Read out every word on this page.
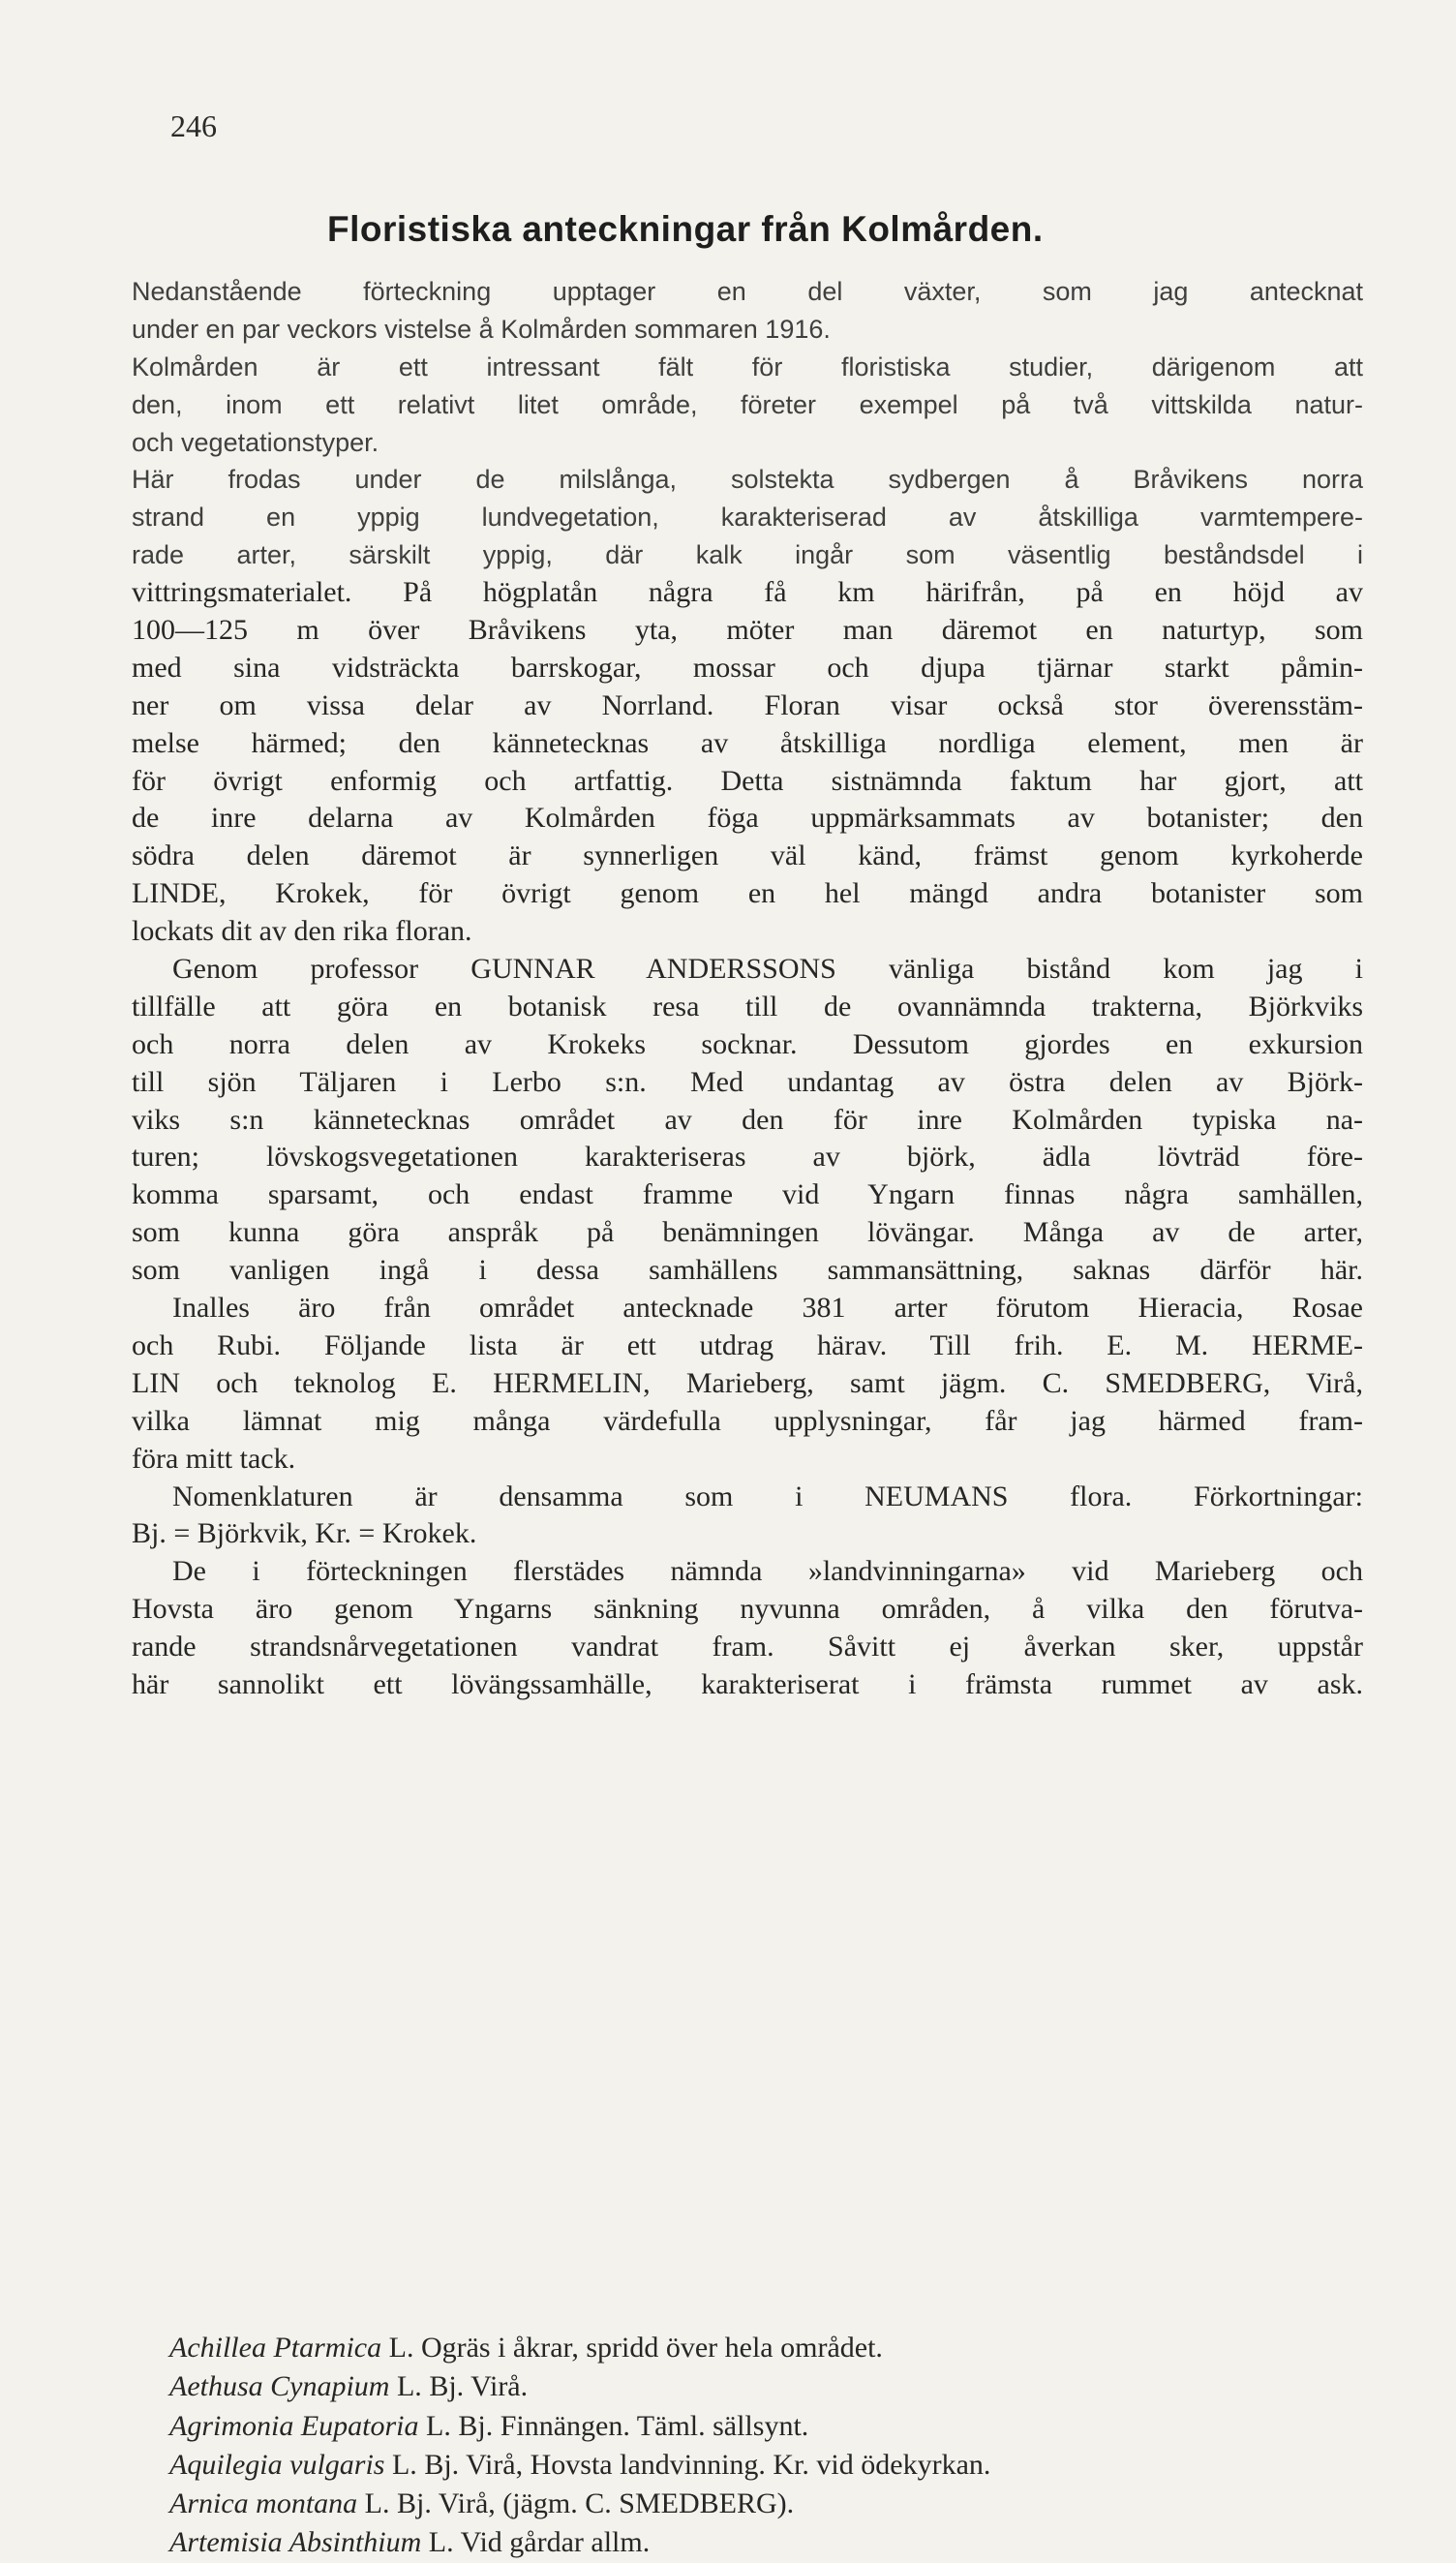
246
Floristiska anteckningar från Kolmården.
Nedanstående förteckning upptager en del växter, som jag antecknat
under en par veckors vistelse å Kolmården sommaren 1916.
Kolmården är ett intressant fält för floristiska studier, därigenom att
den, inom ett relativt litet område, företer exempel på två vittskilda natur-
och vegetationstyper.
Här frodas under de milslånga, solstekta sydbergen å Bråvikens norra
strand en yppig lundvegetation, karakteriserad av åtskilliga varmtempere-
rade arter, särskilt yppig, där kalk ingår som väsentlig beståndsdel i
vittringsmaterialet. På högplatån några få km härifrån, på en höjd av
100—125 m över Bråvikens yta, möter man däremot en naturtyp, som
med sina vidsträckta barrskogar, mossar och djupa tjärnar starkt påmin-
ner om vissa delar av Norrland. Floran visar också stor överensstäm-
melse härmed; den kännetecknas av åtskilliga nordliga element, men är
för övrigt enformig och artfattig. Detta sistnämnda faktum har gjort, att
de inre delarna av Kolmården föga uppmärksammats av botanister; den
södra delen däremot är synnerligen väl känd, främst genom kyrkoherde
LINDE, Krokek, för övrigt genom en hel mängd andra botanister som
lockats dit av den rika floran.
Genom professor GUNNAR ANDERSSONS vänliga bistånd kom jag i
tillfälle att göra en botanisk resa till de ovannämnda trakterna, Björkviks
och norra delen av Krokeks socknar. Dessutom gjordes en exkursion
till sjön Täljaren i Lerbo s:n. Med undantag av östra delen av Björk-
viks s:n kännetecknas området av den för inre Kolmården typiska na-
turen; lövskogsvegetationen karakteriseras av björk, ädla lövträd före-
komma sparsamt, och endast framme vid Yngarn finnas några samhällen,
som kunna göra anspråk på benämningen lövängar. Många av de arter,
som vanligen ingå i dessa samhällens sammansättning, saknas därför här.
Inalles äro från området antecknade 381 arter förutom Hieracia, Rosae
och Rubi. Följande lista är ett utdrag härav. Till frih. E. M. HERME-
LIN och teknolog E. HERMELIN, Marieberg, samt jägm. C. SMEDBERG, Virå,
vilka lämnat mig många värdefulla upplysningar, får jag härmed fram-
föra mitt tack.
Nomenklaturen är densamma som i NEUMANS flora. Förkortningar:
Bj. = Björkvik, Kr. = Krokek.
De i förteckningen flerstädes nämnda »landvinningarna» vid Marieberg och
Hovsta äro genom Yngarns sänkning nyvunna områden, å vilka den förutva-
rande strandsnårvegetationen vandrat fram. Såvitt ej åverkan sker, uppstår
här sannolikt ett lövängssamhälle, karakteriserat i främsta rummet av ask.
Achillea Ptarmica L. Ogräs i åkrar, spridd över hela området.
Aethusa Cynapium L. Bj. Virå.
Agrimonia Eupatoria L. Bj. Finnängen. Täml. sällsynt.
Aquilegia vulgaris L. Bj. Virå, Hovsta landvinning. Kr. vid ödekyrkan.
Arnica montana L. Bj. Virå, (jägm. C. SMEDBERG).
Artemisia Absinthium L. Vid gårdar allm.
